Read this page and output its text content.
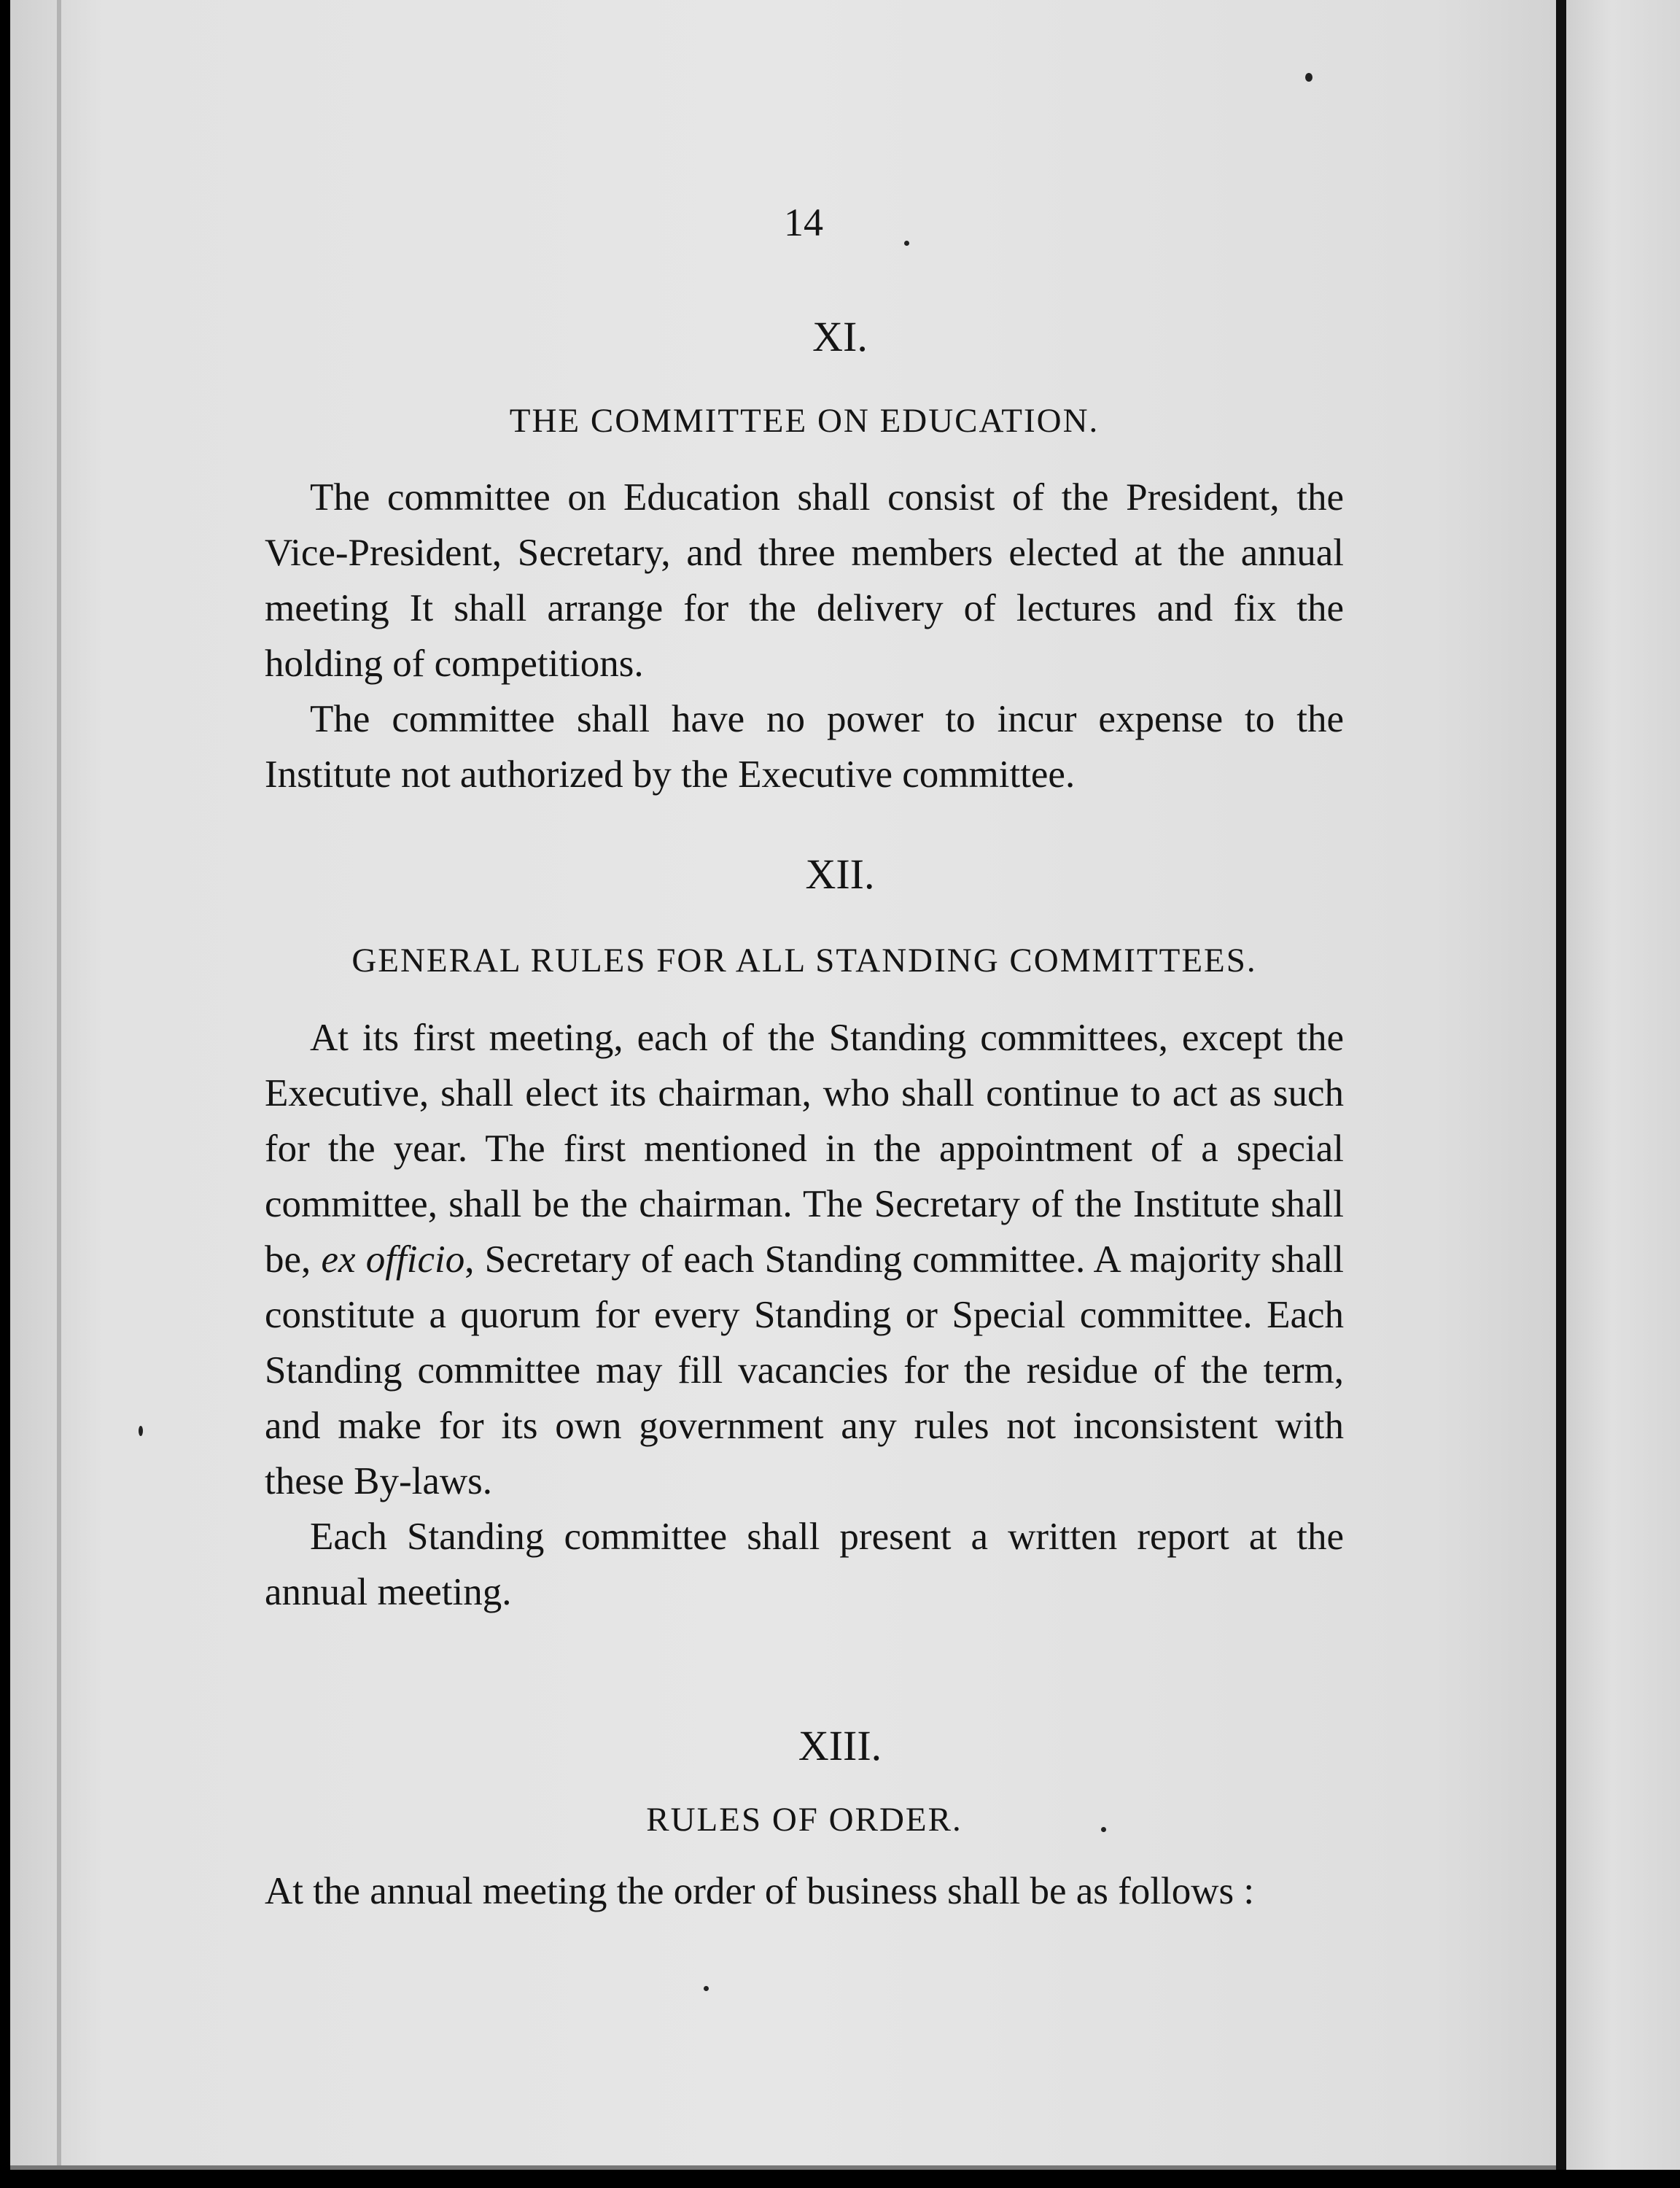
14
XI.
THE COMMITTEE ON EDUCATION.

The committee on Education shall consist of the President, the Vice-President, Secretary, and three members elected at the annual meeting It shall arrange for the delivery of lectures and fix the holding of competitions.

The committee shall have no power to incur expense to the Institute not authorized by the Executive committee.

XII.
GENERAL RULES FOR ALL STANDING COMMITTEES.

At its first meeting, each of the Standing committees, except the Executive, shall elect its chairman, who shall continue to act as such for the year. The first mentioned in the appointment of a special committee, shall be the chairman. The Secretary of the Institute shall be, ex officio, Secretary of each Standing committee. A majority shall constitute a quorum for every Standing or Special committee. Each Standing committee may fill vacancies for the residue of the term, and make for its own government any rules not inconsistent with these By-laws.

Each Standing committee shall present a written report at the annual meeting.

XIII.
RULES OF ORDER.

At the annual meeting the order of business shall be as follows :
